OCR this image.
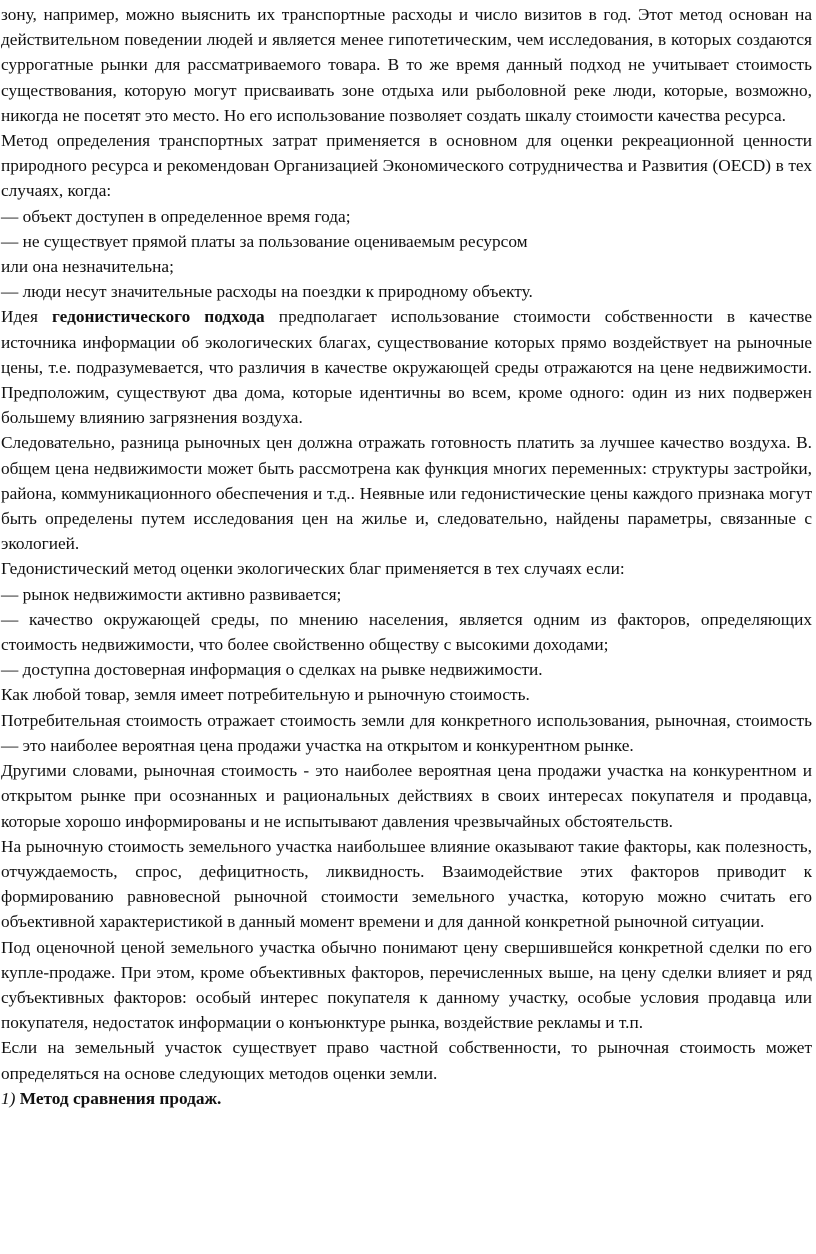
зону, например, можно выяснить их транспортные расходы и число визитов в год. Этот метод основан на действительном поведении людей и является менее гипотетическим, чем исследования, в которых создаются суррогатные рынки для рассматриваемого товара. В то же время данный подход не учитывает стоимость существования, которую могут присваивать зоне отдыха или рыболовной реке люди, которые, возможно, никогда не посетят это место. Но его использование позволяет создать шкалу стоимости качества ресурса.

Метод определения транспортных затрат применяется в основном для оценки рекреационной ценности природного ресурса и рекомендован Организацией Экономического сотрудничества и Развития (OECD) в тех случаях, когда:

— объект доступен в определенное время года;

— не существует прямой платы за пользование оцениваемым ресурсом

или она незначительна;

— люди несут значительные расходы на поездки к природному объекту.

Идея гедонистического подхода предполагает использование стоимости собственности в качестве источника информации об экологических благах, существование которых прямо воздействует на рыночные цены, т.е. подразумевается, что различия в качестве окружающей среды отражаются на цене недвижимости. Предположим, существуют два дома, которые идентичны во всем, кроме одного: один из них подвержен большему влиянию загрязнения воздуха.

Следовательно, разница рыночных цен должна отражать готовность платить за лучшее качество воздуха. В. общем цена недвижимости может быть рассмотрена как функция многих переменных: структуры застройки, района, коммуникационного обеспечения и т.д.. Неявные или гедонистические цены каждого признака могут быть определены путем исследования цен на жилье и, следовательно, найдены параметры, связанные с экологией.

Гедонистический метод оценки экологических благ применяется в тех случаях если:

— рынок недвижимости активно развивается;

— качество окружающей среды, по мнению населения, является одним из факторов, определяющих стоимость недвижимости, что более свойственно обществу с высокими доходами;

— доступна достоверная информация о сделках на рывке недвижимости.

Как любой товар, земля имеет потребительную и рыночную стоимость.

Потребительная стоимость отражает стоимость земли для конкретного использования, рыночная, стоимость — это наиболее вероятная цена продажи участка на открытом и конкурентном рынке.

Другими словами, рыночная стоимость - это наиболее вероятная цена продажи участка на конкурентном и открытом рынке при осознанных и рациональных действиях в своих интересах покупателя и продавца, которые хорошо информированы и не испытывают давления чрезвычайных обстоятельств.

На рыночную стоимость земельного участка наибольшее влияние оказывают такие факторы, как полезность, отчуждаемость, спрос, дефицитность, ликвидность. Взаимодействие этих факторов приводит к формированию равновесной рыночной стоимости земельного участка, которую можно считать его объективной характеристикой в данный момент времени и для данной конкретной рыночной ситуации.

Под оценочной ценой земельного участка обычно понимают цену свершившейся конкретной сделки по его купле-продаже. При этом, кроме объективных факторов, перечисленных выше, на цену сделки влияет и ряд субъективных факторов: особый интерес покупателя к данному участку, особые условия продавца или покупателя, недостаток информации о конъюнктуре рынка, воздействие рекламы и т.п.

Если на земельный участок существует право частной собственности, то рыночная стоимость может определяться на основе следующих методов оценки земли.

1) Метод сравнения продаж.
